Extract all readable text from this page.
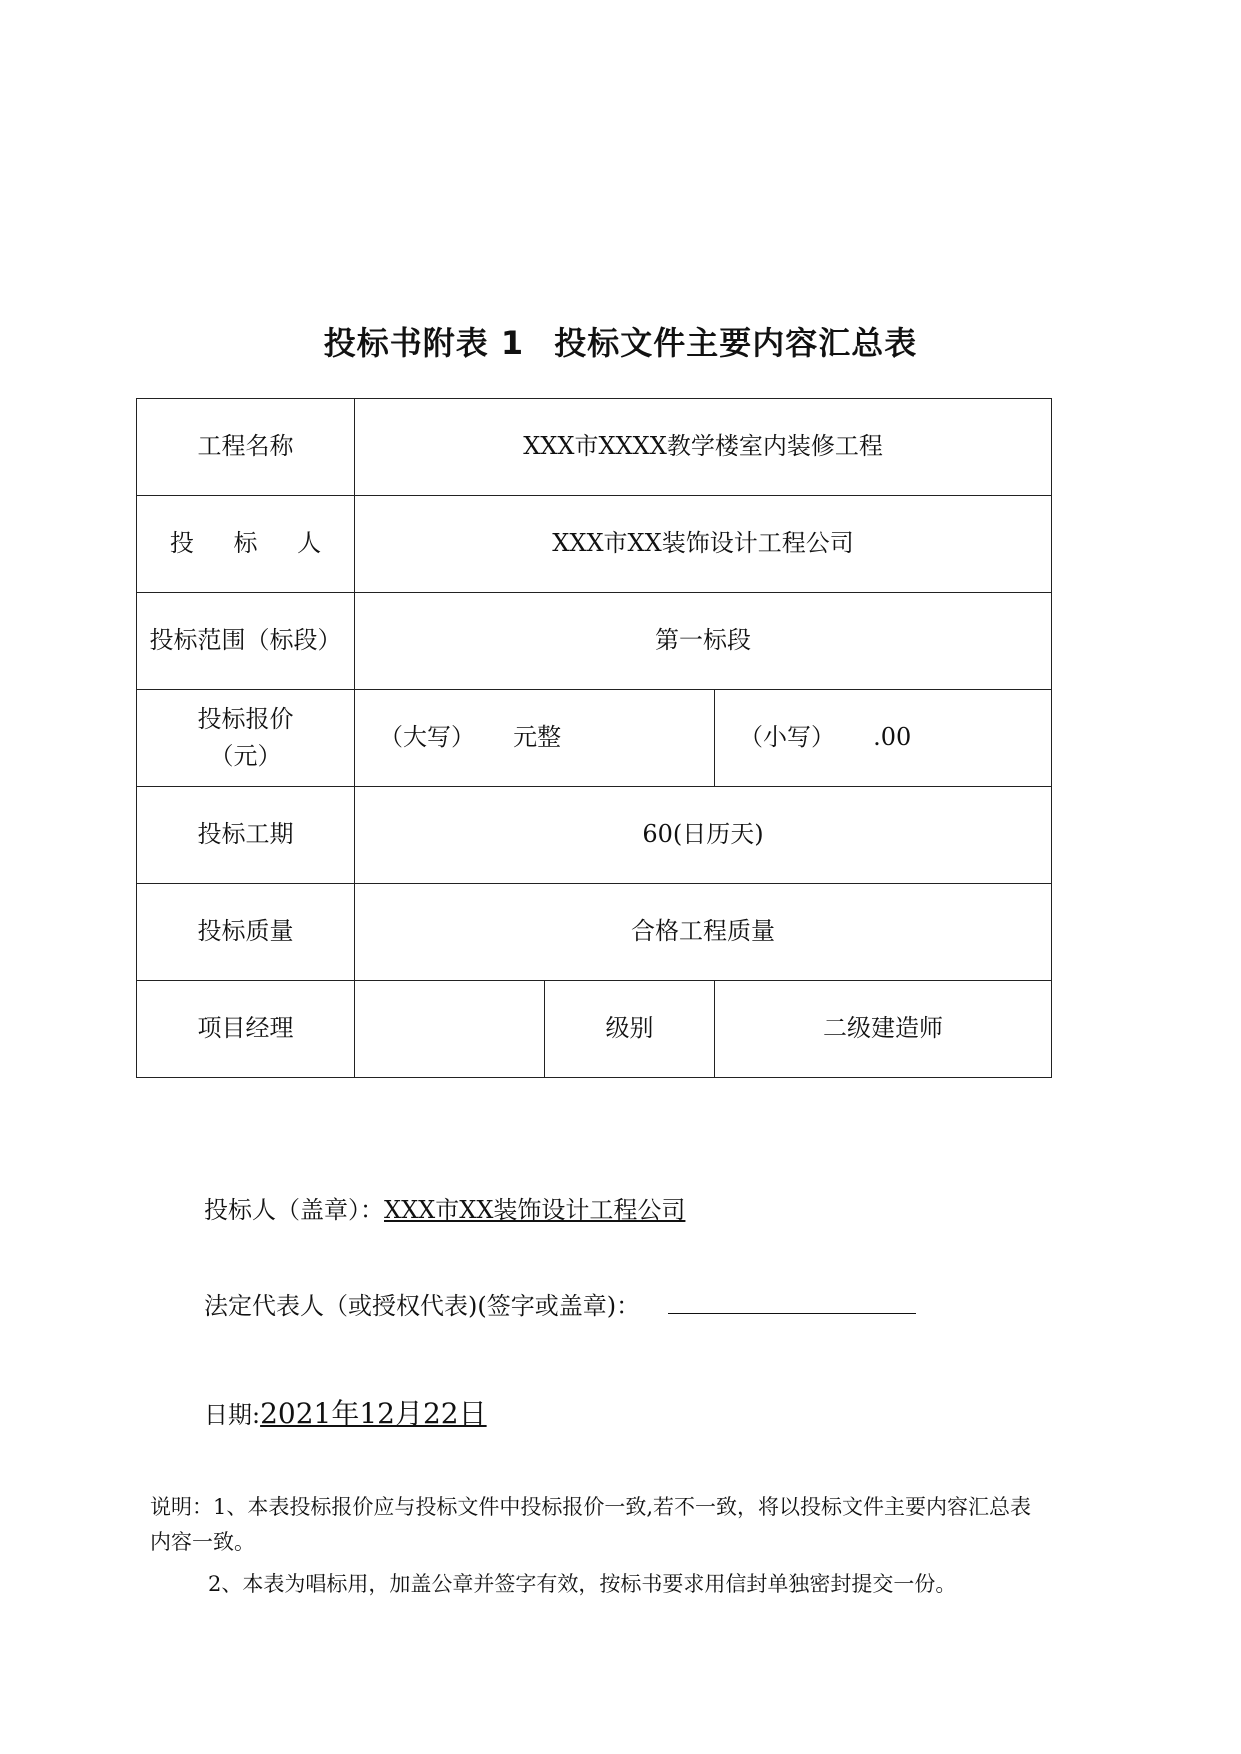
投标书附表 1 投标文件主要内容汇总表
工程名称	XXX市XXXX教学楼室内装修工程		
投 标 人	XXX市XX装饰设计工程公司		
投标范围（标段）	第一标段		

投标报价
（元）	（大写）     元整		（小写）     .00
投标工期	60(日历天)		
投标质量	合格工程质量		
项目经理		级别	二级建造师
投标人（盖章）：XXX市XX装饰设计工程公司
法定代表人（或授权代表)(签字或盖章)：
日期:2021年12月22日

说明：1、本表投标报价应与投标文件中投标报价一致,若不一致，将以投标文件主要内容汇总表内容一致。

2、本表为唱标用，加盖公章并签字有效，按标书要求用信封单独密封提交一份。
